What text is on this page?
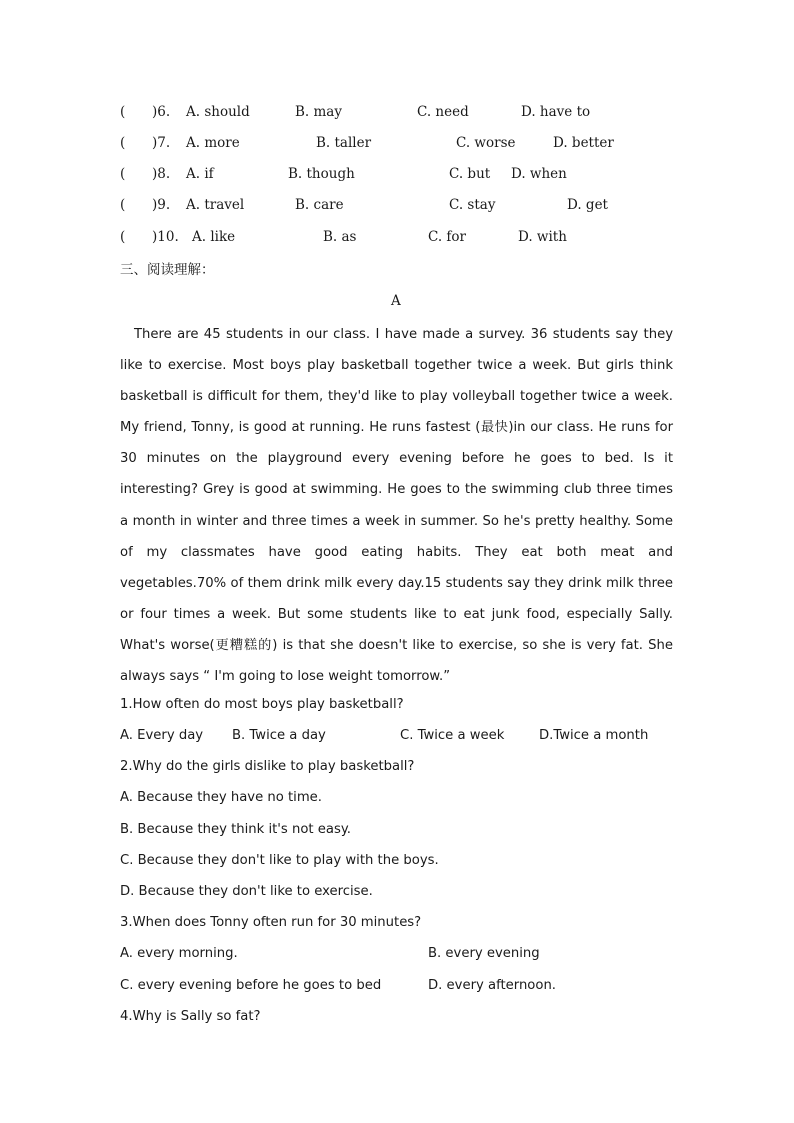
( )6. A. should	B. may	C. need	D. have to
( )7. A. more	B. taller	C. worse	D. better
( )8. A. if	B. though	C. but D. when
( )9. A. travel	B. care	C. stay	D. get
( )10. A. like	B. as	C. for	D. with
三、阅读理解：
A

There are 45 students in our class. I have made a survey. 36 students say they like to exercise. Most boys play basketball together twice a week. But girls think basketball is difficult for them, they'd like to play volleyball together twice a week. My friend, Tonny, is good at running. He runs fastest (最快)in our class. He runs for 30 minutes on the playground every evening before he goes to bed. Is it interesting? Grey is good at swimming. He goes to the swimming club three times a month in winter and three times a week in summer. So he's pretty healthy. Some of my classmates have good eating habits. They eat both meat and vegetables.70% of them drink milk every day.15 students say they drink milk three or four times a week. But some students like to eat junk food, especially Sally. What's worse(更糟糕的) is that she doesn't like to exercise, so she is very fat. She always says “ I'm going to lose weight tomorrow.”

1.How often do most boys play basketball?
A. Every day B. Twice a day	C. Twice a week	D.Twice a month
2.Why do the girls dislike to play basketball?
A. Because they have no time.
B. Because they think it's not easy.
C. Because they don't like to play with the boys.
D. Because they don't like to exercise.
3.When does Tonny often run for 30 minutes?
A. every morning.	B. every evening
C. every evening before he goes to bed	D. every afternoon.
4.Why is Sally so fat?
